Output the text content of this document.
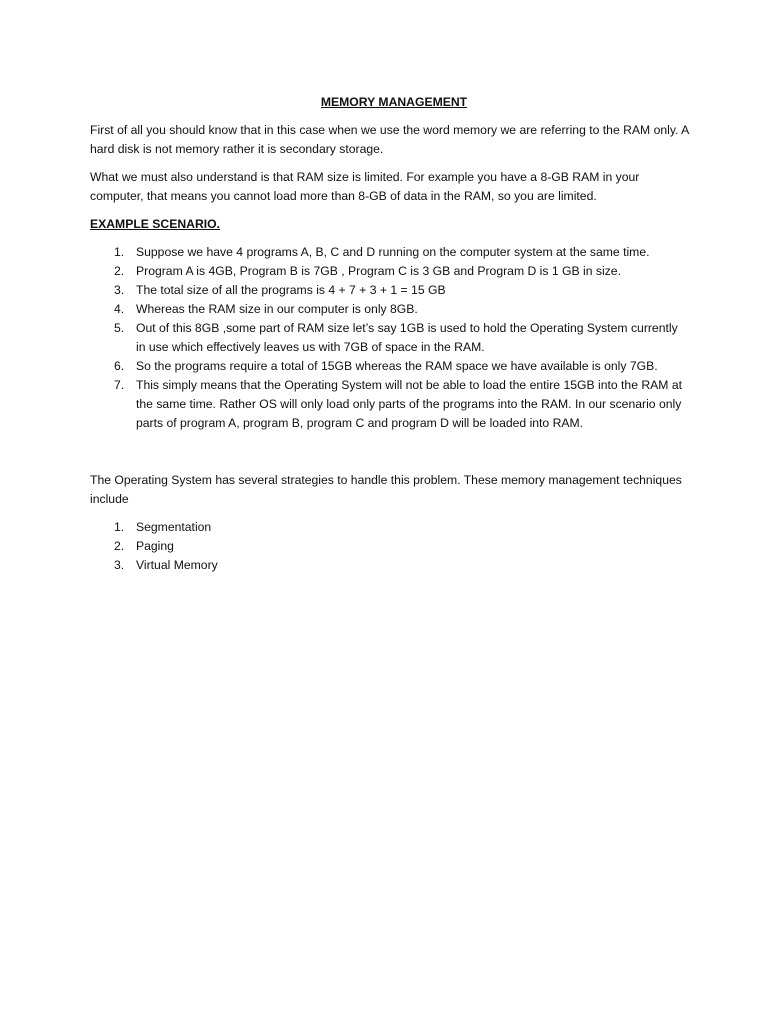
MEMORY MANAGEMENT

First of all you should know that in this case when we use the word memory we are referring to the RAM only. A hard disk is not memory rather it is secondary storage.

What we must also understand is that RAM size is limited. For example you have a 8-GB RAM in your computer, that means you cannot load more than 8-GB of data in the RAM, so you are limited.

EXAMPLE SCENARIO.
1. Suppose we have 4 programs A, B, C and D running on the computer system at the same time.
2. Program A is 4GB, Program B is 7GB , Program C is 3 GB and Program D is 1 GB in size.
3. The total size of all the programs is 4 + 7 + 3 + 1 = 15 GB
4. Whereas the RAM size in our computer is only 8GB.
5. Out of this 8GB ,some part of RAM size let’s say 1GB is used to hold the Operating System currently in use which effectively leaves us with 7GB of space in the RAM.
6. So the programs require a total of 15GB whereas the RAM space we have available is only 7GB.
7. This simply means that the Operating System will not be able to load the entire 15GB into the RAM at the same time. Rather OS will only load only parts of the programs into the RAM. In our scenario only parts of program A, program B, program C and program D will be loaded into RAM.

The Operating System has several strategies to handle this problem. These memory management techniques include

1. Segmentation
2. Paging
3. Virtual Memory
